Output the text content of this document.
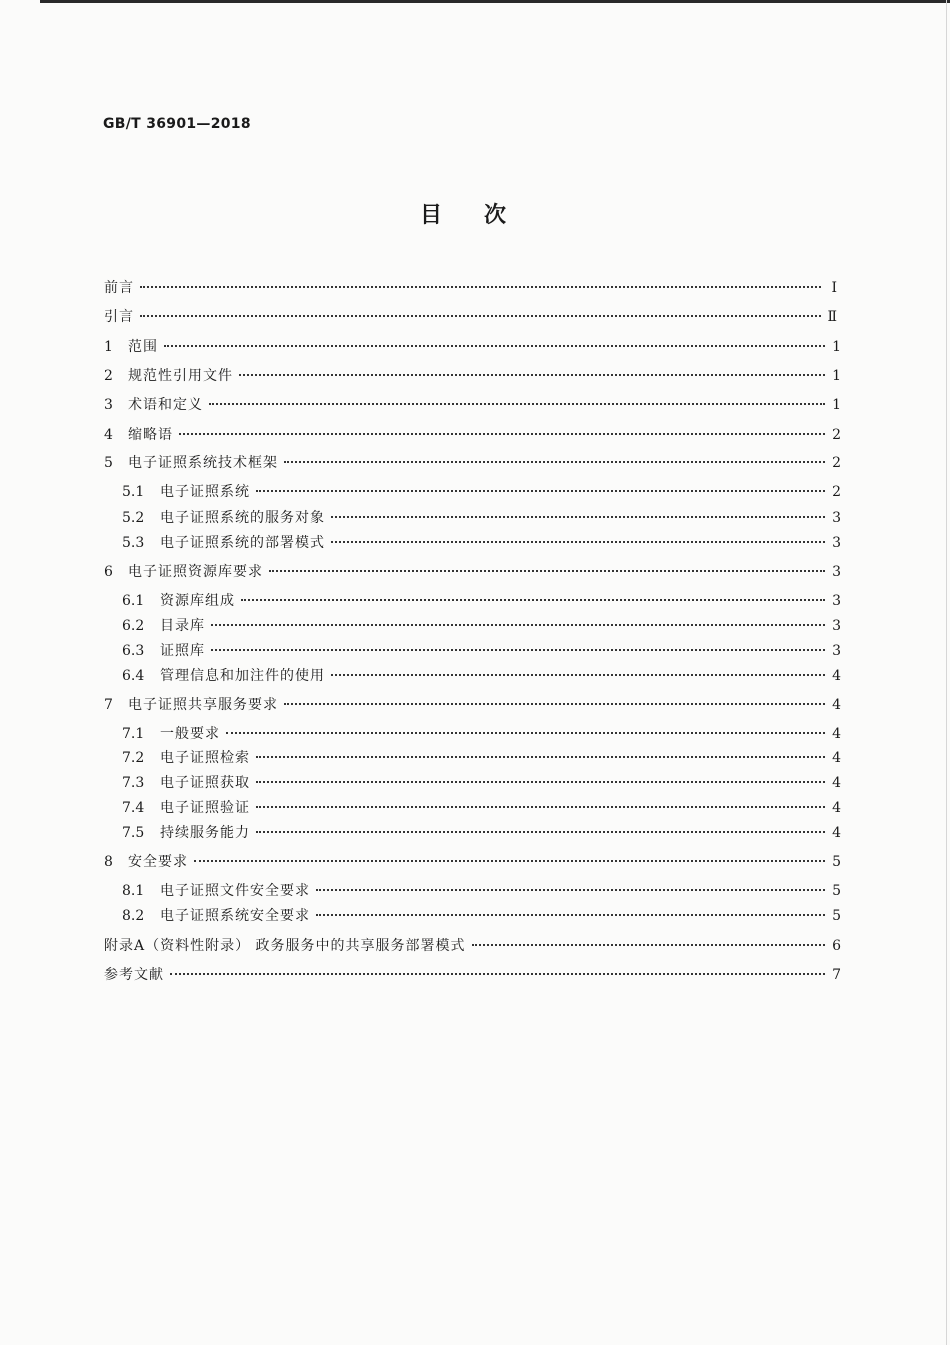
GB/T 36901—2018
目 次
前言	Ⅰ
引言	Ⅱ
1	范围	1
2	规范性引用文件	1
3	术语和定义	1
4	缩略语	2
5	电子证照系统技术框架	2
5.1	电子证照系统	2
5.2	电子证照系统的服务对象	3
5.3	电子证照系统的部署模式	3
6	电子证照资源库要求	3
6.1	资源库组成	3
6.2	目录库	3
6.3	证照库	3
6.4	管理信息和加注件的使用	4
7	电子证照共享服务要求	4
7.1	一般要求	4
7.2	电子证照检索	4
7.3	电子证照获取	4
7.4	电子证照验证	4
7.5	持续服务能力	4
8	安全要求	5
8.1	电子证照文件安全要求	5
8.2	电子证照系统安全要求	5
附录A（资料性附录） 政务服务中的共享服务部署模式	6
参考文献	7
